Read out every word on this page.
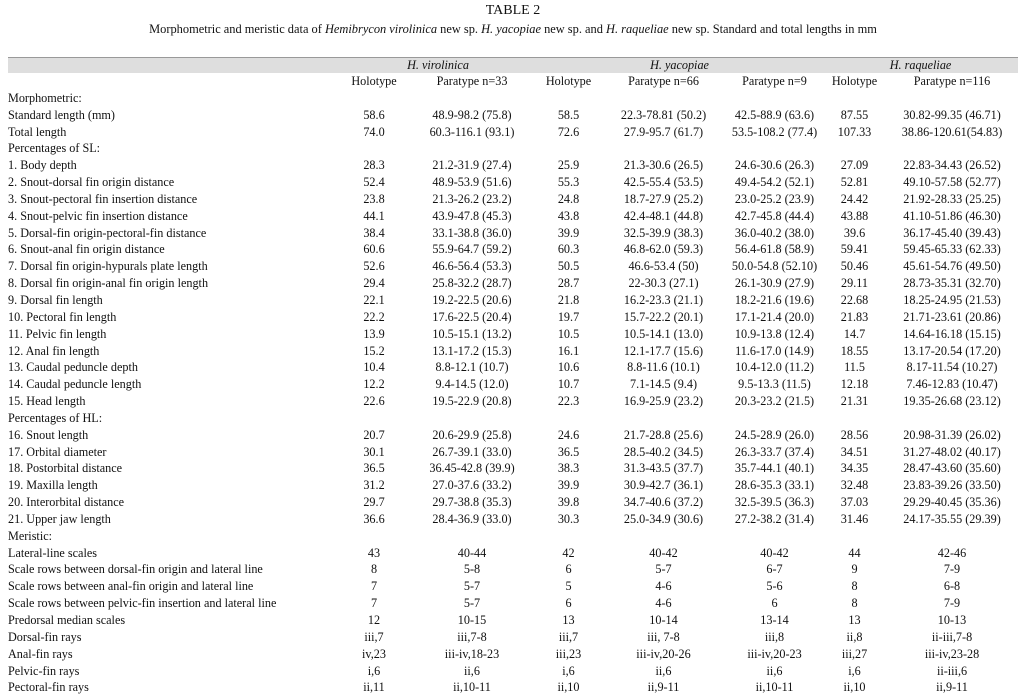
TABLE 2
Morphometric and meristic data of Hemibrycon virolinica new sp. H. yacopiae new sp. and H. raqueliae new sp. Standard and total lengths in mm
	H. virolinica		H. yacopiae			H. raqueliae	
	Holotype	Paratype n=33	Holotype	Paratype n=66	Paratype n=9	Holotype	Paratype n=116
Morphometric:							
Standard length (mm)	58.6	48.9-98.2 (75.8)	58.5	22.3-78.81 (50.2)	42.5-88.9 (63.6)	87.55	30.82-99.35 (46.71)
Total length	74.0	60.3-116.1 (93.1)	72.6	27.9-95.7 (61.7)	53.5-108.2 (77.4)	107.33	38.86-120.61(54.83)
Percentages of SL:							
1. Body depth	28.3	21.2-31.9 (27.4)	25.9	21.3-30.6 (26.5)	24.6-30.6 (26.3)	27.09	22.83-34.43 (26.52)
2. Snout-dorsal fin origin distance	52.4	48.9-53.9 (51.6)	55.3	42.5-55.4 (53.5)	49.4-54.2 (52.1)	52.81	49.10-57.58 (52.77)
3. Snout-pectoral fin insertion distance	23.8	21.3-26.2 (23.2)	24.8	18.7-27.9 (25.2)	23.0-25.2 (23.9)	24.42	21.92-28.33 (25.25)
4. Snout-pelvic fin insertion distance	44.1	43.9-47.8 (45.3)	43.8	42.4-48.1 (44.8)	42.7-45.8 (44.4)	43.88	41.10-51.86 (46.30)
5. Dorsal-fin origin-pectoral-fin distance	38.4	33.1-38.8 (36.0)	39.9	32.5-39.9 (38.3)	36.0-40.2 (38.0)	39.6	36.17-45.40 (39.43)
6. Snout-anal fin origin distance	60.6	55.9-64.7 (59.2)	60.3	46.8-62.0 (59.3)	56.4-61.8 (58.9)	59.41	59.45-65.33 (62.33)
7. Dorsal fin origin-hypurals plate length	52.6	46.6-56.4 (53.3)	50.5	46.6-53.4 (50)	50.0-54.8 (52.10)	50.46	45.61-54.76 (49.50)
8. Dorsal fin origin-anal fin origin length	29.4	25.8-32.2 (28.7)	28.7	22-30.3 (27.1)	26.1-30.9 (27.9)	29.11	28.73-35.31 (32.70)
9. Dorsal fin length	22.1	19.2-22.5 (20.6)	21.8	16.2-23.3 (21.1)	18.2-21.6 (19.6)	22.68	18.25-24.95 (21.53)
10. Pectoral fin length	22.2	17.6-22.5 (20.4)	19.7	15.7-22.2 (20.1)	17.1-21.4 (20.0)	21.83	21.71-23.61 (20.86)
11. Pelvic fin length	13.9	10.5-15.1 (13.2)	10.5	10.5-14.1 (13.0)	10.9-13.8 (12.4)	14.7	14.64-16.18 (15.15)
12. Anal fin length	15.2	13.1-17.2 (15.3)	16.1	12.1-17.7 (15.6)	11.6-17.0 (14.9)	18.55	13.17-20.54 (17.20)
13. Caudal peduncle depth	10.4	8.8-12.1 (10.7)	10.6	8.8-11.6 (10.1)	10.4-12.0 (11.2)	11.5	8.17-11.54 (10.27)
14. Caudal peduncle length	12.2	9.4-14.5 (12.0)	10.7	7.1-14.5 (9.4)	9.5-13.3 (11.5)	12.18	7.46-12.83 (10.47)
15. Head length	22.6	19.5-22.9 (20.8)	22.3	16.9-25.9 (23.2)	20.3-23.2 (21.5)	21.31	19.35-26.68 (23.12)
Percentages of HL:							
16. Snout length	20.7	20.6-29.9 (25.8)	24.6	21.7-28.8 (25.6)	24.5-28.9 (26.0)	28.56	20.98-31.39 (26.02)
17. Orbital diameter	30.1	26.7-39.1 (33.0)	36.5	28.5-40.2 (34.5)	26.3-33.7 (37.4)	34.51	31.27-48.02 (40.17)
18. Postorbital distance	36.5	36.45-42.8 (39.9)	38.3	31.3-43.5 (37.7)	35.7-44.1 (40.1)	34.35	28.47-43.60 (35.60)
19. Maxilla length	31.2	27.0-37.6 (33.2)	39.9	30.9-42.7 (36.1)	28.6-35.3 (33.1)	32.48	23.83-39.26 (33.50)
20. Interorbital distance	29.7	29.7-38.8 (35.3)	39.8	34.7-40.6 (37.2)	32.5-39.5 (36.3)	37.03	29.29-40.45 (35.36)
21. Upper jaw length	36.6	28.4-36.9 (33.0)	30.3	25.0-34.9 (30.6)	27.2-38.2 (31.4)	31.46	24.17-35.55 (29.39)
Meristic:							
Lateral-line scales	43	40-44	42	40-42	40-42	44	42-46
Scale rows between dorsal-fin origin and lateral line	8	5-8	6	5-7	6-7	9	7-9
Scale rows between anal-fin origin and lateral line	7	5-7	5	4-6	5-6	8	6-8
Scale rows between pelvic-fin insertion and lateral line	7	5-7	6	4-6	6	8	7-9
Predorsal median scales	12	10-15	13	10-14	13-14	13	10-13
Dorsal-fin rays	iii,7	iii,7-8	iii,7	iii, 7-8	iii,8	ii,8	ii-iii,7-8
Anal-fin rays	iv,23	iii-iv,18-23	iii,23	iii-iv,20-26	iii-iv,20-23	iii,27	iii-iv,23-28
Pelvic-fin rays	i,6	ii,6	i,6	ii,6	ii,6	i,6	ii-iii,6
Pectoral-fin rays	ii,11	ii,10-11	ii,10	ii,9-11	ii,10-11	ii,10	ii,9-11
